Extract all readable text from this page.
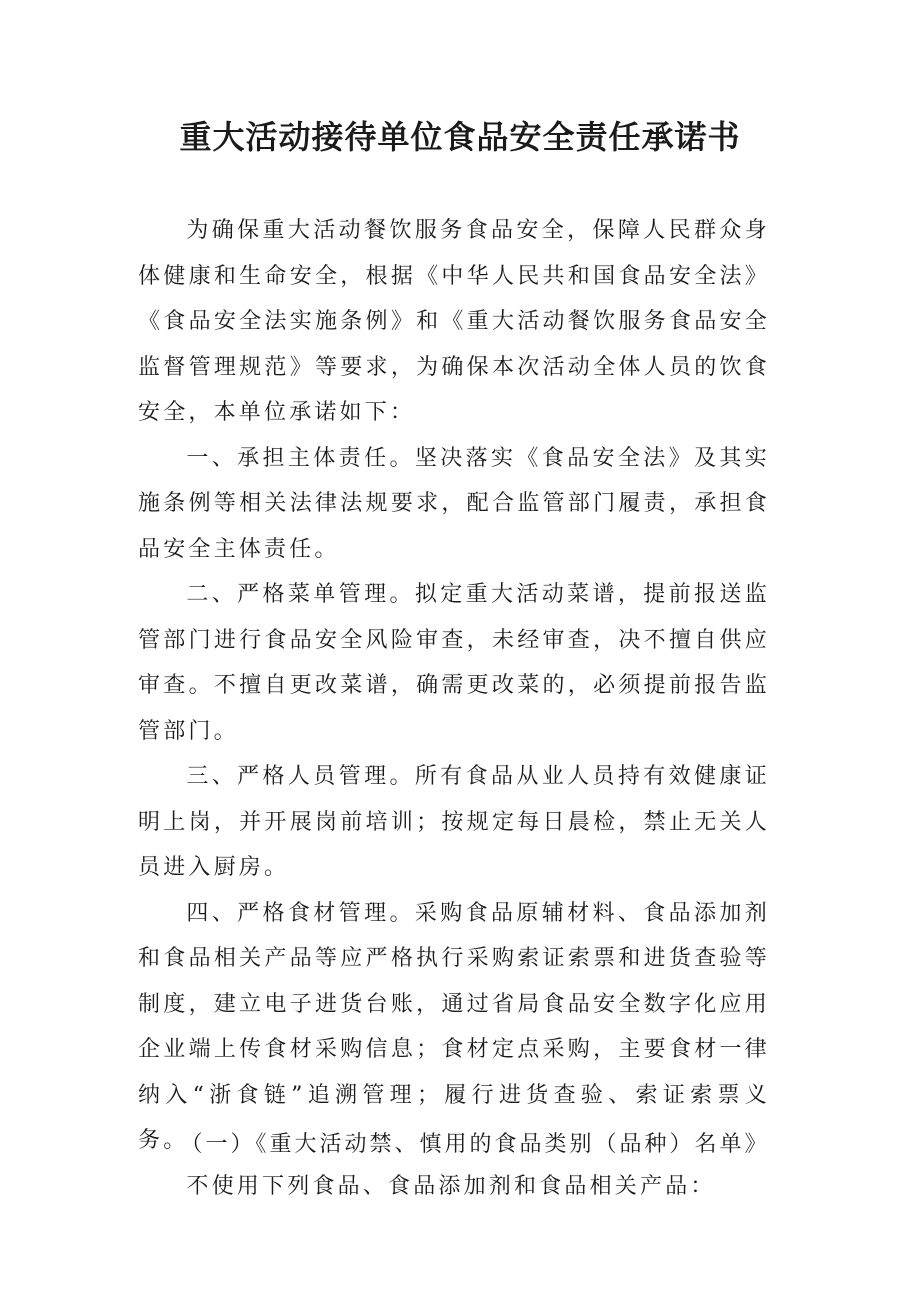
重大活动接待单位食品安全责任承诺书

为确保重大活动餐饮服务食品安全，保障人民群众身体健康和生命安全，根据《中华人民共和国食品安全法》《食品安全法实施条例》和《重大活动餐饮服务食品安全监督管理规范》等要求，为确保本次活动全体人员的饮食安全，本单位承诺如下：

一、承担主体责任。坚决落实《食品安全法》及其实施条例等相关法律法规要求，配合监管部门履责，承担食品安全主体责任。

二、严格菜单管理。拟定重大活动菜谱，提前报送监管部门进行食品安全风险审查，未经审查，决不擅自供应审查。不擅自更改菜谱，确需更改菜的，必须提前报告监管部门。

三、严格人员管理。所有食品从业人员持有效健康证明上岗，并开展岗前培训；按规定每日晨检，禁止无关人员进入厨房。

四、严格食材管理。采购食品原辅材料、食品添加剂和食品相关产品等应严格执行采购索证索票和进货查验等制度，建立电子进货台账，通过省局食品安全数字化应用企业端上传食材采购信息；食材定点采购，主要食材一律纳入“浙食链”追溯管理；履行进货查验、索证索票义务。

不使用下列食品、食品添加剂和食品相关产品：

（一）《重大活动禁、慎用的食品类别（品种）名单》
